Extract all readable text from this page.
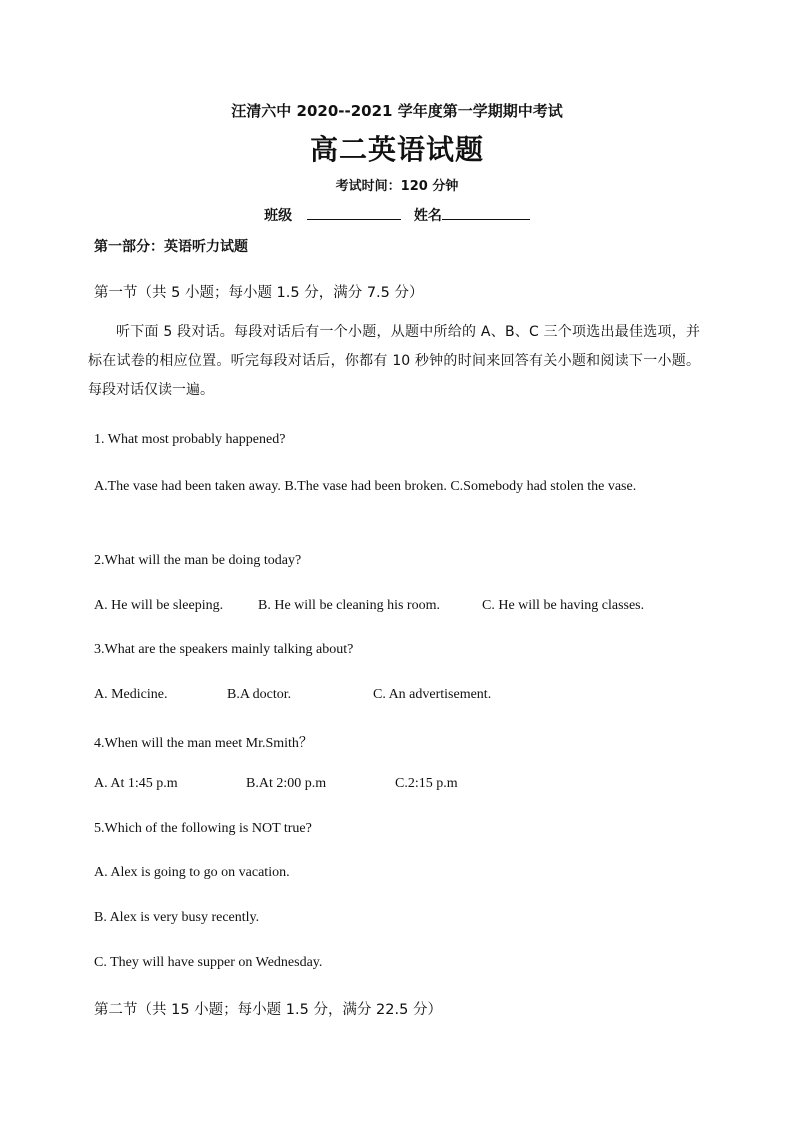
汪清六中 2020--2021 学年度第一学期期中考试
高二英语试题
考试时间：120 分钟
班级	姓名
第一部分：英语听力试题
第一节（共 5 小题；每小题 1.5 分，满分 7.5 分）
听下面 5 段对话。每段对话后有一个小题，从题中所给的 A、B、C 三个项选出最佳选项，并标在试卷的相应位置。听完每段对话后，你都有 10 秒钟的时间来回答有关小题和阅读下一小题。每段对话仅读一遍。
1. What most probably happened?
A.The vase had been taken away. B.The vase had been broken. C.Somebody had stolen the vase.
2.What will the man be doing today?
A. He will be sleeping. B. He will be cleaning his room.	C. He will be having classes.
3.What are the speakers mainly talking about?
A. Medicine.	B.A doctor.	C. An advertisement.
4.When will the man meet Mr.Smith？
A. At 1:45 p.m	B.At 2:00 p.m	C.2:15 p.m
5.Which of the following is NOT true?
A. Alex is going to go on vacation.
B. Alex is very busy recently.
C. They will have supper on Wednesday.
第二节（共 15 小题；每小题 1.5 分，满分 22.5 分）
